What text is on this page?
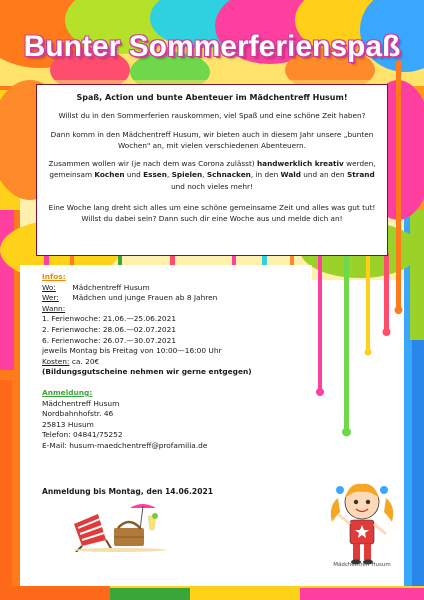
Bunter Sommerferienspaß
Spaß, Action und bunte Abenteuer im Mädchentreff Husum!

Willst du in den Sommerferien rauskommen, viel Spaß und eine schöne Zeit haben?

Dann komm in den Mädchentreff Husum, wir bieten auch in diesem Jahr unsere „bunten Wochen" an, mit vielen verschiedenen Abenteuern.

Zusammen wollen wir (je nach dem was Corona zulässt) handwerklich kreativ werden, gemeinsam Kochen und Essen, Spielen, Schnacken, in den Wald und an den Strand und noch vieles mehr!

Eine Woche lang dreht sich alles um eine schöne gemeinsame Zeit und alles was gut tut! Willst du dabei sein? Dann such dir eine Woche aus und melde dich an!

Infos:
Wo: Mädchentreff Husum
Wer: Mädchen und junge Frauen ab 8 Jahren
Wann:
1. Ferienwoche: 21.06.—25.06.2021
2. Ferienwoche: 28.06.—02.07.2021
6. Ferienwoche: 26.07.—30.07.2021
jeweils Montag bis Freitag von 10:00—16:00 Uhr
Kosten: ca. 20€
(Bildungsgutscheine nehmen wir gerne entgegen)
Anmeldung:
Mädchentreff Husum
Nordbahnhofstr. 46
25813 Husum
Telefon: 04841/75252
E-Mail: husum-maedchentreff@profamilia.de
Anmeldung bis Montag, den 14.06.2021
Mädchentreff Husum
